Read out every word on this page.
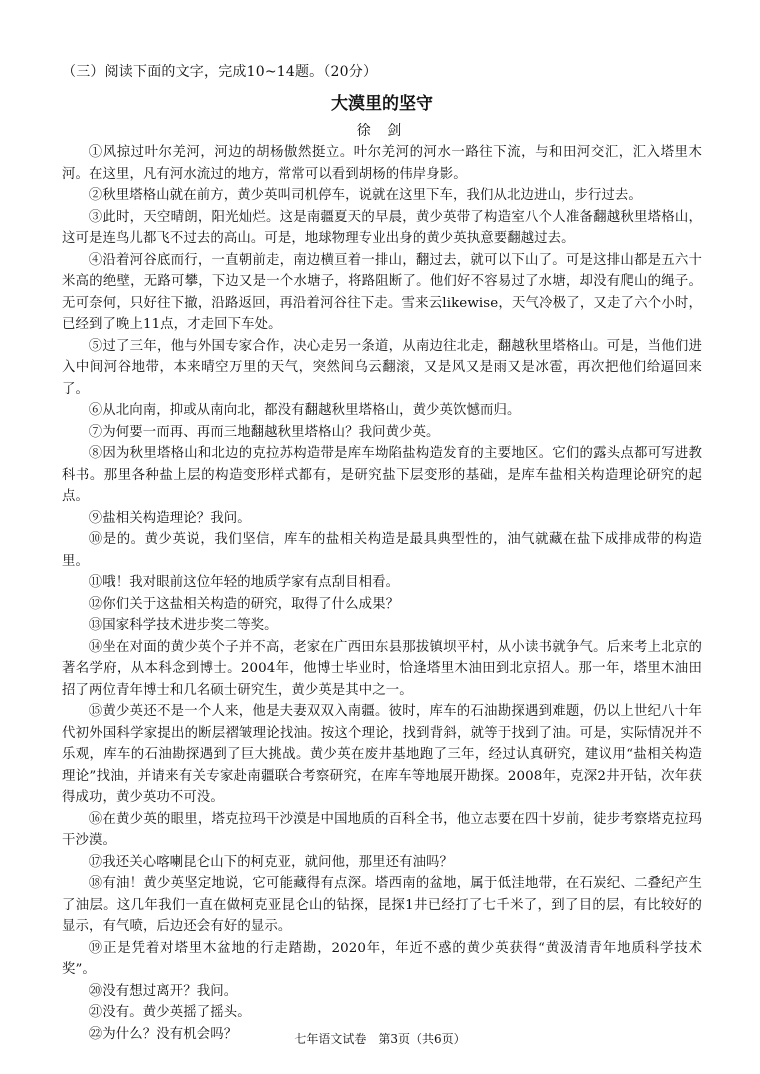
（三）阅读下面的文字，完成10~14题。（20分）
大漠里的坚守
徐 剑

①风掠过叶尔羌河，河边的胡杨傲然挺立。叶尔羌河的河水一路往下流，与和田河交汇，汇入塔里木河。在这里，凡有河水流过的地方，常常可以看到胡杨的伟岸身影。

②秋里塔格山就在前方，黄少英叫司机停车，说就在这里下车，我们从北边进山，步行过去。

③此时，天空晴朗，阳光灿烂。这是南疆夏天的早晨，黄少英带了构造室八个人准备翻越秋里塔格山，这可是连鸟儿都飞不过去的高山。可是，地球物理专业出身的黄少英执意要翻越过去。

④沿着河谷底而行，一直朝前走，南边横亘着一排山，翻过去，就可以下山了。可是这排山都是五六十米高的绝壁，无路可攀，下边又是一个水塘子，将路阻断了。他们好不容易过了水塘，却没有爬山的绳子。无可奈何，只好往下撤，沿路返回，再沿着河谷往下走。雪来云likewise，天气冷极了，又走了六个小时，已经到了晚上11点，才走回下车处。

⑤过了三年，他与外国专家合作，决心走另一条道，从南边往北走，翻越秋里塔格山。可是，当他们进入中间河谷地带，本来晴空万里的天气，突然间乌云翻滚，又是风又是雨又是冰雹，再次把他们给逼回来了。

⑥从北向南，抑或从南向北，都没有翻越秋里塔格山，黄少英饮憾而归。

⑦为何要一而再、再而三地翻越秋里塔格山？我问黄少英。

⑧因为秋里塔格山和北边的克拉苏构造带是库车坳陷盐构造发育的主要地区。它们的露头点都可写进教科书。那里各种盐上层的构造变形样式都有，是研究盐下层变形的基础，是库车盐相关构造理论研究的起点。

⑨盐相关构造理论？我问。

⑩是的。黄少英说，我们坚信，库车的盐相关构造是最具典型性的，油气就藏在盐下成排成带的构造里。

⑪哦！我对眼前这位年轻的地质学家有点刮目相看。

⑫你们关于这盐相关构造的研究，取得了什么成果？

⑬国家科学技术进步奖二等奖。

⑭坐在对面的黄少英个子并不高，老家在广西田东县那拔镇坝平村，从小读书就争气。后来考上北京的著名学府，从本科念到博士。2004年，他博士毕业时，恰逢塔里木油田到北京招人。那一年，塔里木油田招了两位青年博士和几名硕士研究生，黄少英是其中之一。

⑮黄少英还不是一个人来，他是夫妻双双入南疆。彼时，库车的石油勘探遇到难题，仍以上世纪八十年代初外国科学家提出的断层褶皱理论找油。按这个理论，找到背斜，就等于找到了油。可是，实际情况并不乐观，库车的石油勘探遇到了巨大挑战。黄少英在废井基地跑了三年，经过认真研究，建议用“盐相关构造理论”找油，并请来有关专家赴南疆联合考察研究，在库车等地展开勘探。2008年，克深2井开钻，次年获得成功，黄少英功不可没。

⑯在黄少英的眼里，塔克拉玛干沙漠是中国地质的百科全书，他立志要在四十岁前，徒步考察塔克拉玛干沙漠。

⑰我还关心喀喇昆仑山下的柯克亚，就问他，那里还有油吗？

⑱有油！黄少英坚定地说，它可能藏得有点深。塔西南的盆地，属于低洼地带，在石炭纪、二叠纪产生了油层。这几年我们一直在做柯克亚昆仑山的钻探，昆探1井已经打了七千米了，到了目的层，有比较好的显示，有气喷，后边还会有好的显示。

⑲正是凭着对塔里木盆地的行走踏勘，2020年，年近不惑的黄少英获得“黄汲清青年地质科学技术奖”。

⑳没有想过离开？我问。

㉑没有。黄少英摇了摇头。

㉒为什么？没有机会吗？	七年语文试卷　第3页（共6页）
